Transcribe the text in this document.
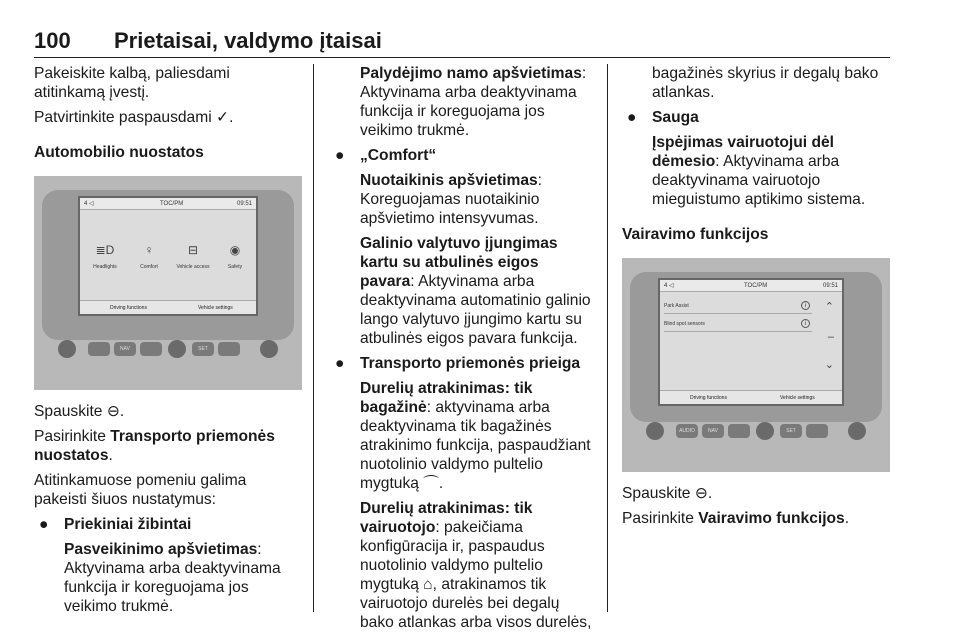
100 Prietaisai, valdymo įtaisai

Pakeiskite kalbą, paliesdami atitinkamą įvestį.

Patvirtinkite paspausdami ✓.

Automobilio nuostatos

4 ◁	TOC/PM	09:51
≣D
Headlights
♀
Comfort
⊟
Vehicle access
◉
Safety
Driving functions	Vehicle settings
NAV	SET

Spauskite ⊖.

Pasirinkite Transporto priemonės nuostatos.

Atitinkamuose pomeniu galima pakeisti šiuos nustatymus:

● Priekiniai žibintai

Pasveikinimo apšvietimas: Aktyvinama arba deaktyvinama funkcija ir koreguojama jos veikimo trukmė.

Palydėjimo namo apšvietimas: Aktyvinama arba deaktyvinama funkcija ir koreguojama jos veikimo trukmė.

● „Comfort“

Nuotaikinis apšvietimas: Koreguojamas nuotaikinio apšvietimo intensyvumas.

Galinio valytuvo įjungimas kartu su atbulinės eigos pavara: Aktyvinama arba deaktyvinama automatinio galinio lango valytuvo įjungimo kartu su atbulinės eigos pavara funkcija.

● Transporto priemonės prieiga

Durelių atrakinimas: tik bagažinė: aktyvinama arba deaktyvinama tik bagažinės atrakinimo funkcija, paspaudžiant nuotolinio valdymo pultelio mygtuką ⌒.

Durelių atrakinimas: tik vairuotojo: pakeičiama konfigūracija ir, paspaudus nuotolinio valdymo pultelio mygtuką ⌂, atrakinamos tik vairuotojo durelės bei degalų bako atlankas arba visos durelės,

bagažinės skyrius ir degalų bako atlankas.

● Sauga

Įspėjimas vairuotojui dėl dėmesio: Aktyvinama arba deaktyvinama vairuotojo mieguistumo aptikimo sistema.

Vairavimo funkcijos

4 ◁	TOC/PM	09:51
Park Assist	i
Blind spot sensors	i
⌃
–
⌄
Driving functions	Vehicle settings
AUDIO	NAV	SET

Spauskite ⊖.

Pasirinkite Vairavimo funkcijos.
